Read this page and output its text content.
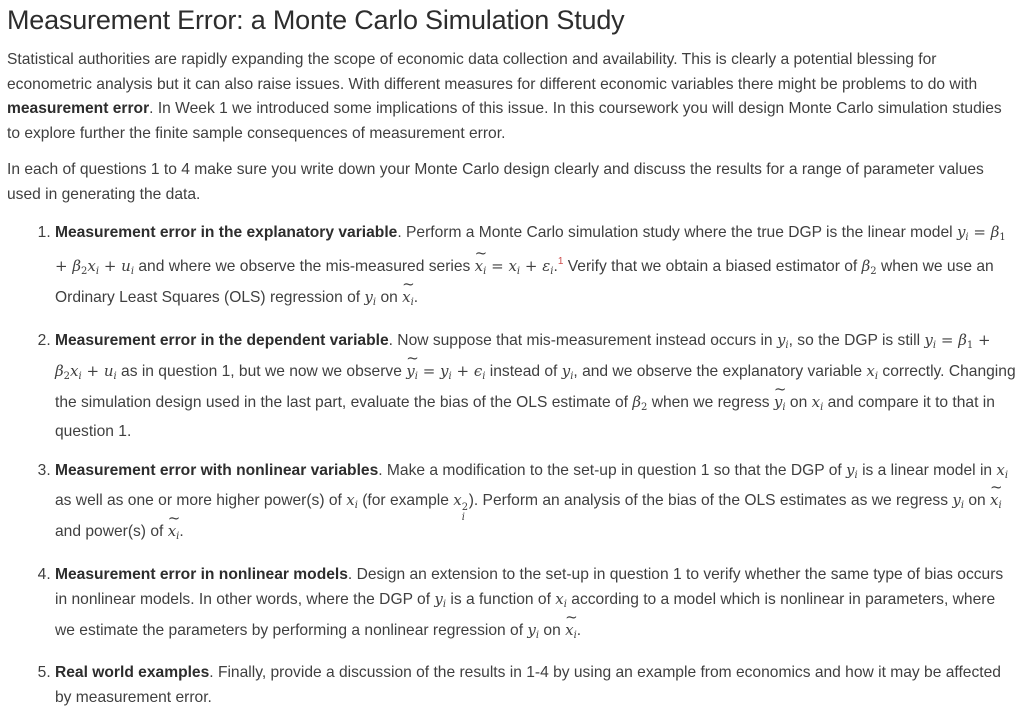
Measurement Error: a Monte Carlo Simulation Study

Statistical authorities are rapidly expanding the scope of economic data collection and availability. This is clearly a potential blessing for econometric analysis but it can also raise issues. With different measures for different economic variables there might be problems to do with measurement error. In Week 1 we introduced some implications of this issue. In this coursework you will design Monte Carlo simulation studies to explore further the finite sample consequences of measurement error.

In each of questions 1 to 4 make sure you write down your Monte Carlo design clearly and discuss the results for a range of parameter values used in generating the data.

1. Measurement error in the explanatory variable. Perform a Monte Carlo simulation study where the true DGP is the linear model $y_i = \beta_1 + \beta_2x_i + u_i$ and where we observe the mis-measured series ~ $x_i = x_i + \varepsilon_i.^1$ Verify that we obtain a biased estimator of $\beta_2$ when we use an Ordinary Least Squares (OLS) regression of $y_i$ on ~ $x_i$.
2. Measurement error in the dependent variable. Now suppose that mis-measurement instead occurs in $y_i$, so the DGP is still $y_i = \beta_1 + \beta_2x_i + u_i$ as in question 1, but we now we observe ~ $y_i = y_i + \epsilon_i$ instead of $y_i$, and we observe the explanatory variable $x_i$ correctly. Changing the simulation design used in the last part, evaluate the bias of the OLS estimate of $\beta_2$ when we regress ~ $y_i$ on $x_i$ and compare it to that in question 1.
3. Measurement error with nonlinear variables. Make a modification to the set-up in question 1 so that the DGP of $y_i$ is a linear model in $x_i$ as well as one or more higher power(s) of $x_i$ (for example x 2
i
). Perform an analysis of the bias of the OLS estimates as we regress $y_i$ on ~ $x_i$ and power(s) of ~ $x_i$.
4. Measurement error in nonlinear models. Design an extension to the set-up in question 1 to verify whether the same type of bias occurs in nonlinear models. In other words, where the DGP of $y_i$ is a function of $x_i$ according to a model which is nonlinear in parameters, where we estimate the parameters by performing a nonlinear regression of $y_i$ on ~ $x_i$.
5. Real world examples. Finally, provide a discussion of the results in 1-4 by using an example from economics and how it may be affected by measurement error.
